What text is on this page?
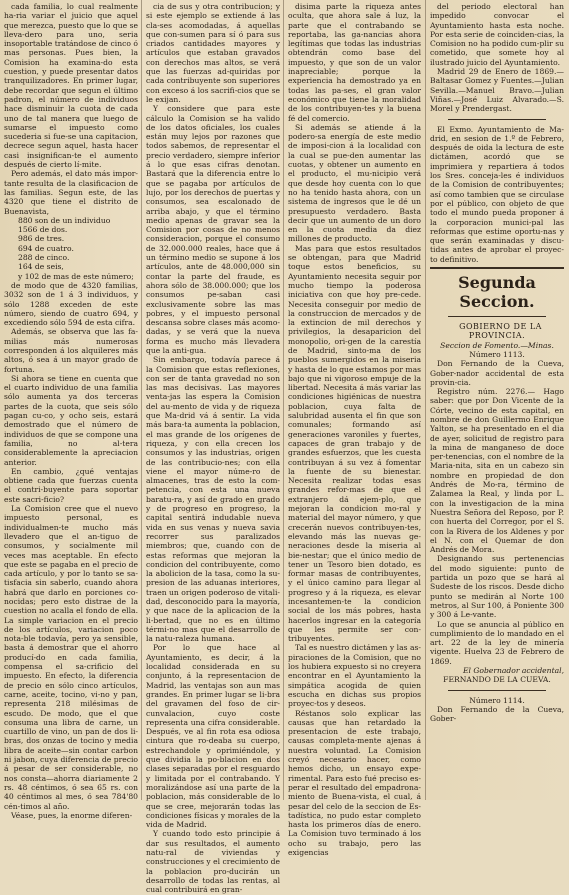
cada familia, lo cual realmente ha-ria variar el juicio que aquel que merezca, puesto que lo que se lleva-dero para uno, seria insoportable tratándose de cinco ó mas personas. Pues bien, la Comision ha examina-do esta cuestion, y puede presentar datos tranquilizadores. En primer lugar, debe recordar que segun el último padron, el número de individuos hace disminuir la cuota de cada uno de tal manera que luego de sumarse el impuesto como sucederia si fue-se una capitacion, decrece segun aquel, hasta hacer casi insignifican-te el aumento después de cierto lí-mite.

Pero además, el dato más impor-tante resulta de la clasificacion de las familias. Segun este, de las 4320 que tiene el distrito de Buenavista,

880 son de un individuo
1566 de dos.
986 de tres.
694 de cuatro.
288 de cinco.
164 de seis,
y 102 de mas de este número;

de modo que de 4320 familias, 3032 son de 1 á 3 individuos, y sólo 1288 exceden de este número, siendo de cuatro 694, y excediendo sólo 594 de esta cifra.

Además, se observa que las fa-milias más numerosas corresponden á los alquileres más altos, ó sea á un mayor grado de fortuna.

Si ahora se tiene en cuenta que el cuarto individuo de una familia sólo aumenta ya dos terceras partes de la cuota, que seis sólo pagan cu-co, y ocho seis, estará demostrado que el número de individuos de que se compone una familia, no al-tera considerablemente la apreciacion anterior.

En cambio, ¿qué ventajas obtiene cada que fuerzas cuenta el contri-buyente para soportar este sacri-ficio?

La Comision cree que el nuevo impuesto personal, es individualmen-te mucho más llevadero que el an-tiguo de consumos, y socialmente mil veces mas aceptable. En efecto que este se pagaba en el precio de cada artículo, y por lo tanto se sa-tisfacia sin saberlo, cuando ahora habrá que darlo en porciones co-nocidas; pero esto distrae de la cuestion no acalla el fondo de ella. La simple variacion en el precio de los artículos, variacion poco nota-ble todavía, pero ya sensible, basta á demostrar que el ahorro producí-do en cada familia, compensa el sa-crificio del impuesto. En efecto, la diferencia de precio en sólo cinco artículos, carne, aceite, tocino, vi-no y pan, representa 218 milésimas de escudo. De modo, que el que consuma una libra de carne, un cuartillo de vino, un pan de dos li-bras, dos onzas de tocino y media libra de aceite—sin contar carbon ni jabon, cuya diferencia de precio á pesar de ser considerable, no nos consta—ahorra diariamente 2 rs. 48 céntimos, ó sea 65 rs. con 40 céntimos al mes, ó sea 784'80 cén-timos al año.

Véase, pues, la enorme diferen-

cia de sus y otra contribucion; y si este ejemplo se extiende á las cla-ses acomodadas, á aquellas que con-sumen para sí ó para sus criados cantidades mayores y artículos que estaban gravados con derechos mas altos, se verá que las fuerzas ad-quiridas por cada contribuyente son superiores con exceso á los sacrifi-cios que se le exijan.

Y considere que para este cálculo la Comision se ha valido de los datos oficiales, los cuales están muy lejos por razones que todos sabemos, de representar el precio verdadero, siempre inferior á lo que esas cifras denotan. Bastará que la diferencia entre lo que se pagaba por artículos de lujo, por los derechos de puertas y consumos, sea escalonado de arriba abajo, y que el término medio apenas de gravar sea la Comision por cosas de no menos consideracion, porque el consumo de 32.000.000 reales, hace que á un término medio se supone á los artículos, ante de 48.000,000 sin contar la parte del fraude, es ahora sólo de 38.000.000; que los consumos pe-saban casi exclusivamente sobre las mas pobres, y el impuesto personal descansa sobre clases más acomo-dadas, y se verá que la nueva forma es mucho más llevadera que la anti-gua.

Sin embargo, todavía parece á la Comision que estas reflexiones, con ser de tanta gravedad no son las mas decisivas. Las mayores venta-jas las espera la Comision del au-mento de vida y de riqueza que Ma-drid vá á sentir. La vida más bara-ta aumenta la poblacion, el mas grande de los orígenes de riqueza, y con ella crecen los consumos y las industrias, origen de las contribucio-nes; con ella viene el mayor núme-ro de almacenes, tras de esto la com-petencia, con esta una nueva baratu-ra, y así de grado en grado y de progreso en progreso, la capital sentirá indudable nueva vida en sus venas y nueva savia recorrer sus paralizados miembros; que, cuando con de estas reformas que mejoran la condicion del contribuyente, como la abolicion de la tasa, como la su-presion de las aduanas interiores, traen un origen poderoso de vitali-dad, desconocido para la mayoría, y que nace de la aplicacion de la li-bertad, que no es en último térmi-no mas que el desarrollo de la natu-raleza humana.

Por lo que hace al Ayuntamiento, es decir, á la localidad considerada en su conjunto, á la representacion de Madrid, las ventajas son aun mas grandes. En primer lugar se li-bra del gravamen del foso de cir-cunvalacion, cuyo coste representa una cifra considerable. Después, ve al fin rota esa odiosa cintura que ro-deaba su cuerpo, estrechandole y oprimiéndole, y que dividia la po-blacion en dos clases separadas por el resguardo y limitada por el contrabando. Y moralizándose así una parte de la poblacion, más considerable de lo que se cree, mejorarán todas las condiciones físicas y morales de la vida de Madrid.

Y cuando todo esto principie á dar sus resultados, el aumento natu-ral de viviendas y construcciones y el crecimiento de la poblacion pro-ducirán un desarrollo de todas las rentas, al cual contribuirá en gran-

disima parte la riqueza antes oculta, que ahora sale á luz, la parte que el contrabando se reportaba, las ga-nancias ahora legítimas que todas las industrias obtendrán como base del impuesto, y que son de un valor inapreciable; porque la experiencia ha demostrado ya en todas las pa-ses, el gran valor económico que tiene la moralidad de los contribuyen-tes y la buena fé del comercio.

Si además se atiende á la podero-sa energía de este medio de imposi-cion á la localidad con la cual se pue-den aumentar las cuotas, y obtener un aumento en el producto, el mu-nicipio verá que desde hoy cuenta con lo que no ha tenido hasta ahora, con un sistema de ingresos que le dé un presupuesto verdadero. Basta decir que un aumento de un doro en la cuota media da diez millones de producto.

Mas para que estos resultados se obtengan, para que Madrid toque estos beneficios, su Ayuntamiento necesita seguir por mucho tiempo la poderosa iniciativa con que hoy pre-cede. Necesita conseguir por medio de la construccion de mercados y de la extincion de mil derechos y privilegios, la desaparicion del monopolio, ori-gen de la carestía de Madrid, sinto-ma de los pueblos sumergidos en la miseria y hasta de lo que estamos por mas bajo que ni vigoroso empuje de la libertad. Necesita á más variar las condiciones higiénicas de nuestra poblacion, cuya falta de salubridad ausenta el fin que son comunales; formando así generaciones varoniles y fuertes, capaces de gran trabajo y de grandes esfuerzos, que les cuesta contribuyan á su vez á fomentar la fuente de su bienestar. Necesita realizar todas esas grandes refor-mas de que el extranjero dá ejem-plo, que mejoran la condicion mo-ral y material del mayor número, y que crecerán nuevos contribuyen-tes, elevando más las nuevas ge-neraciones desde la miseria al bie-nestar; que el único medio de tener un Tesoro bien dotado, es formar masas de contribuyentes, y el único camino para llegar al progreso y á la riqueza, es elevar incesantemen-te la condicion social de los más pobres, hasta hacerlos ingresar en la categoría que les permite ser con-tribuyentes.

Tal es nuestro dictámen y las as-piraciones de la Comision, que no los hubiera expuesto si no creyera encontrar en el Ayuntamiento la simpática acogida de quien escucha en dichas sus propios proyec-tos y deseos.

Réstanos solo explicar las causas que han retardado la presentacion de este trabajo, causas completa-mente ajenas á nuestra voluntad. La Comision creyó necesario hacer, como hemos dicho, un ensayo expe-rimental. Para esto fué preciso es-perar el resultado del empadrona-miento de Buena-vista, el cual, á pesar del celo de la seccion de Es-tadística, no pudo estar completo hasta los primeros días de enero. La Comision tuvo terminado á los ocho su trabajo, pero las exigencias

del periodo electoral han impedido convocar el Ayuntamiento hasta esta noche. Por esta serie de coinciden-cias, la Comision no ha podido cum-plir su cometido, que somete hoy al ilustrado juicio del Ayuntamiento.

Madrid 29 de Enero de 1869.— Baltasar Gomez y Fuentes.—Julian Sevilla.—Manuel Bravo.—Julian Viñas.—José Luiz Alvarado.—S. Morel y Prendergast.

El Exmo. Ayuntamiento de Ma-drid, en sesion de 1.º de Febrero, después de oida la lectura de este dictámen, acordó que se imprimiera y repartiera á todos los Sres. conceja-les é individuos de la Comision de contribuyentes; así como tambien que se circulase por el público, con objeto de que todo el mundo pueda proponer á la corporacion munici-pal las reformas que estime oportu-nas y que serán examinadas y discu-tidas antes de aprobar el proyec-to definitivo.

Segunda Seccion.

GOBIERNO DE LA PROVINCIA.

Seccion de Fomento.—Minas.

Número 1113.

Don Fernando de la Cueva, Gober-nador accidental de esta provin-cia.

Registro núm. 2276.— Hago saber: que por Don Vicente de la Córte, vecino de esta capital, en nombre de don Guillermo Enrique Yalton, se ha presentado en el dia de ayer, solicitud de registro para la mina de manganeso de doce per-tenencias, con el nombre de la Maria-nita, sita en un cabezo sin nombre en propiedad de don Andrés de Mo-ra, término de Zalamea la Real, y linda por L. con la investigacion de la mina Nuestra Señora del Reposo, por P. con huerta del Corregor, por el S. con la Rivera de los Aldenes y por el N. con el Quemar de don Andrés de Mora.

Designando sus pertenencias del modo siguiente: punto de partida un pozo que se hará al Sudeste de los riscos. Desde dicho punto se medirán al Norte 100 metros, al Sur 100, á Poniente 300 y 300 á Le-vante.

Lo que se anuncia al público en cumplimiento de lo mandado en el art. 22 de la ley de minería vigente. Huelva 23 de Febrero de 1869.

El Gobernador accidental,

FERNANDO DE LA CUEVA.

Número 1114.

Don Fernando de la Cueva, Gober-
